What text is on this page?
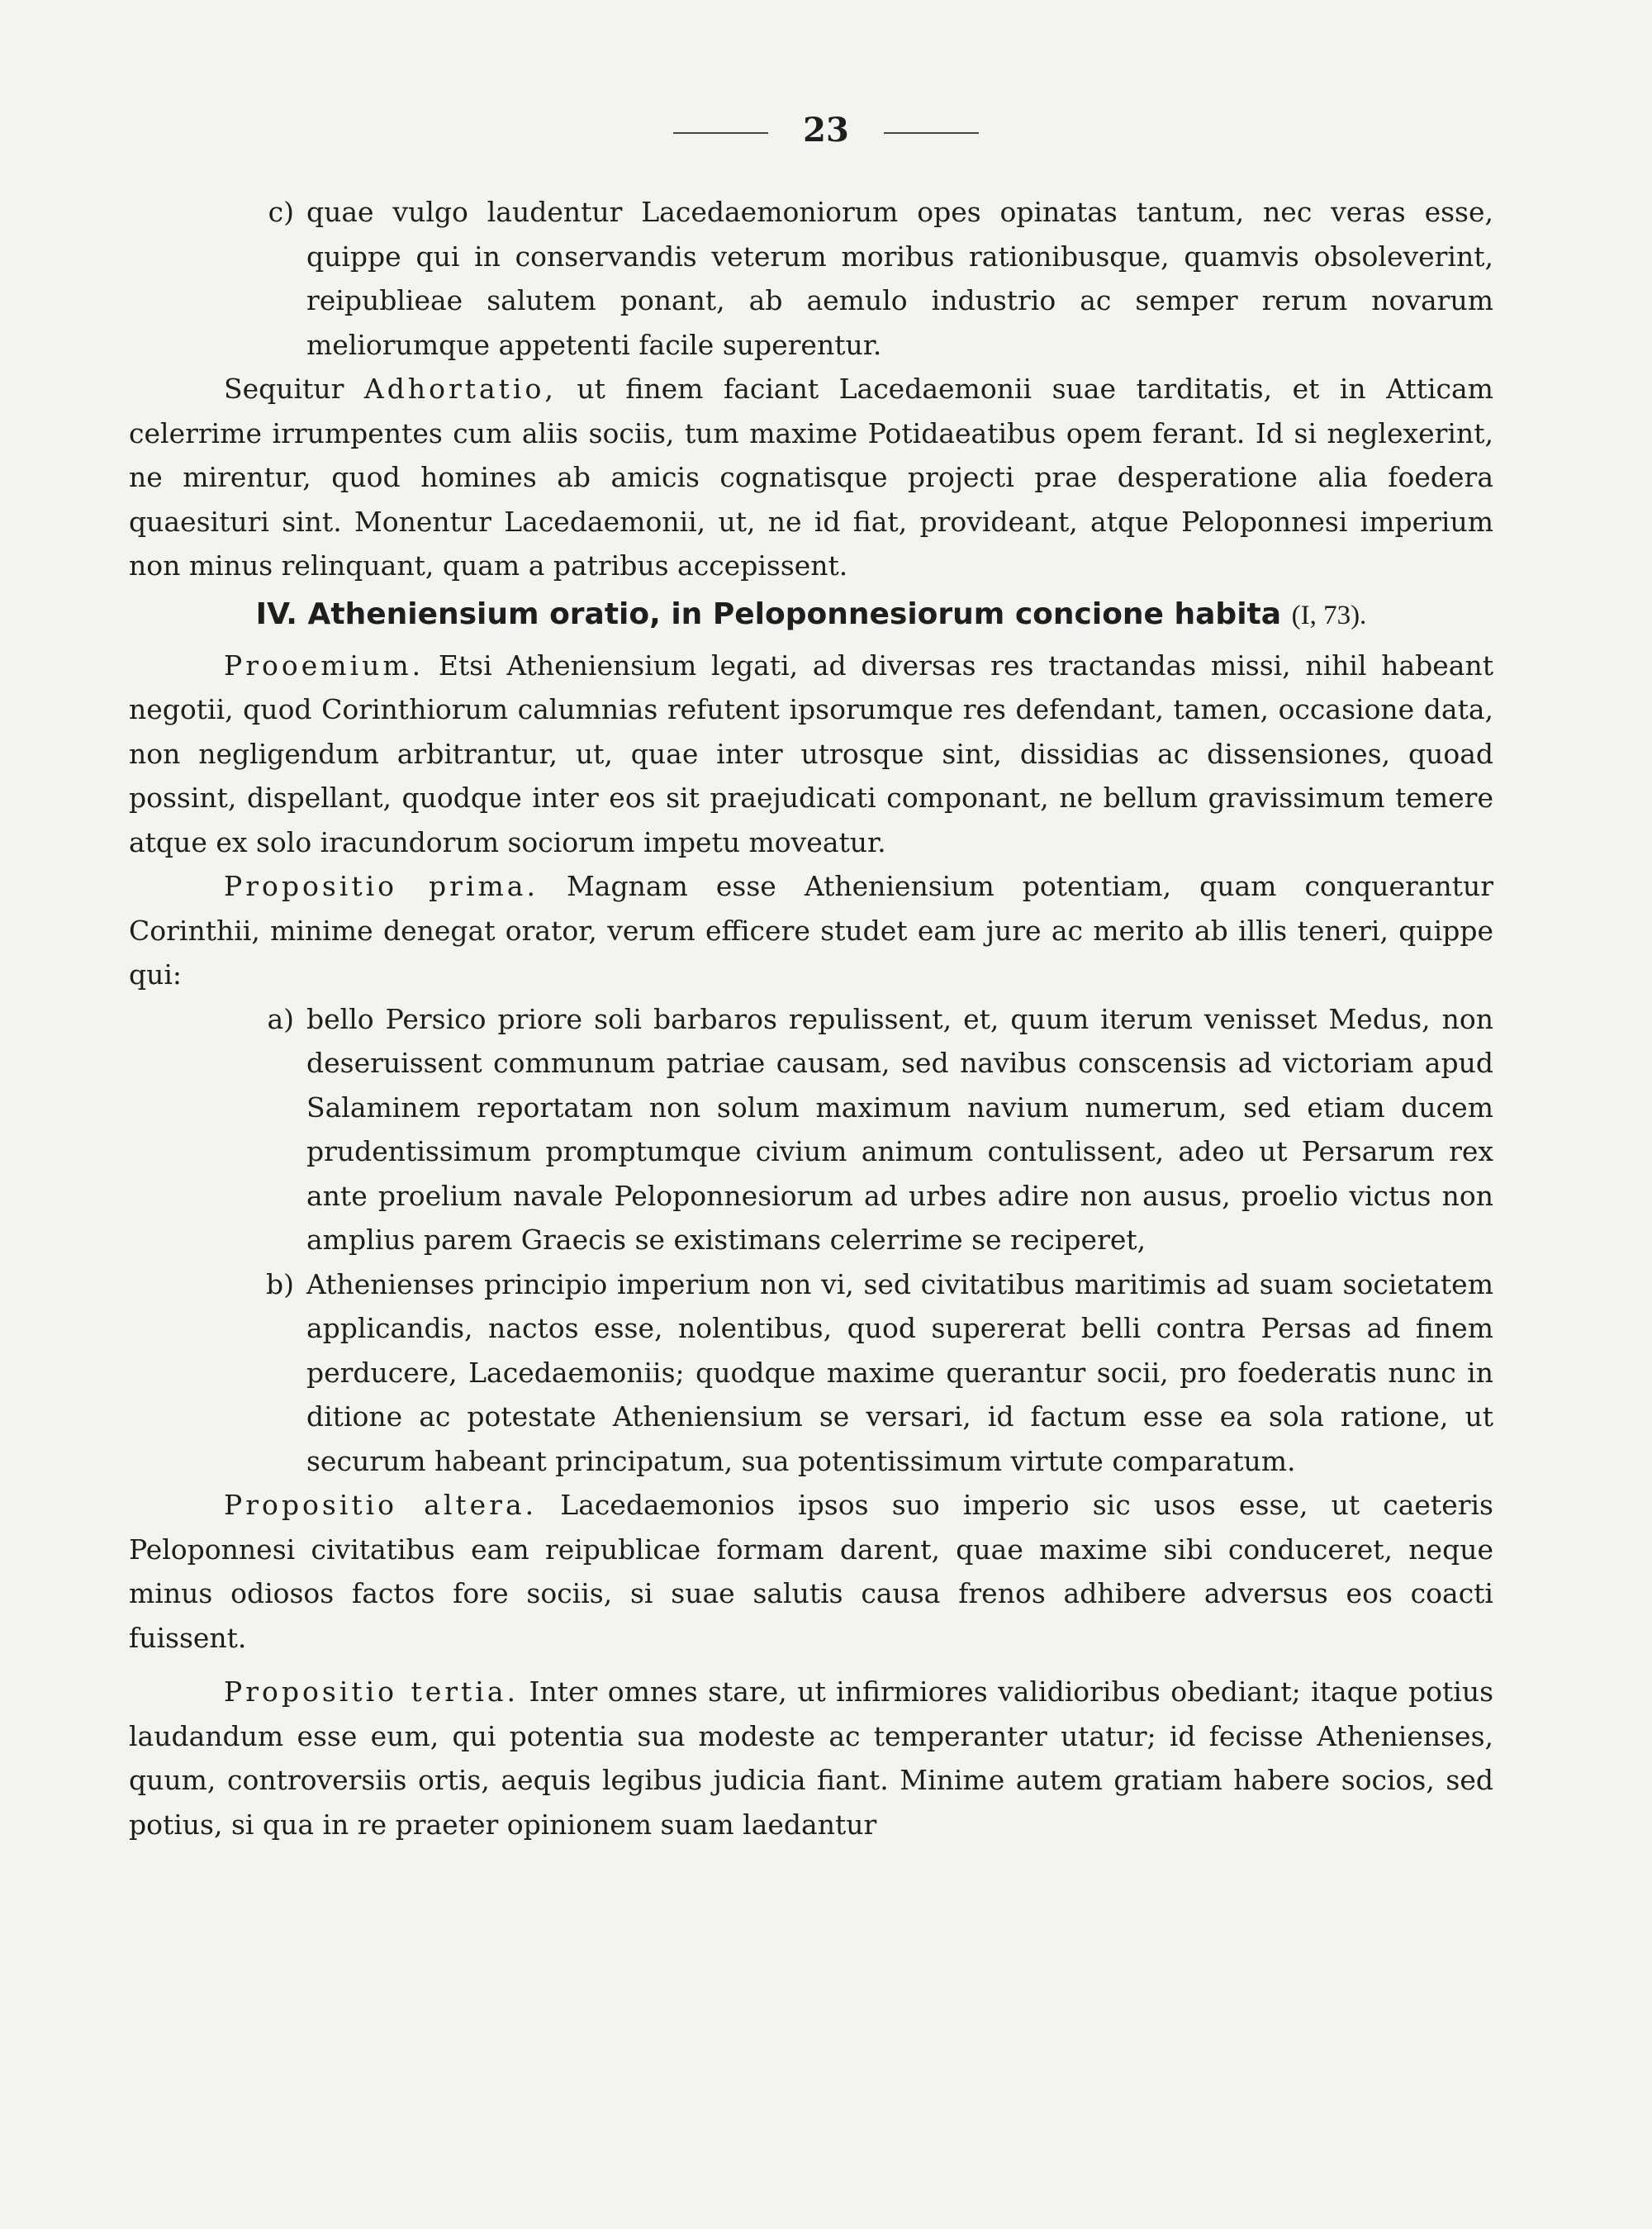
23
c) quae vulgo laudentur Lacedaemoniorum opes opinatas tantum, nec veras esse, quippe qui in conservandis veterum moribus rationibusque, quamvis obsoleverint, reipublieae salutem ponant, ab aemulo industrio ac semper rerum novarum meliorumque appetenti facile superentur.

Sequitur Adhortatio, ut finem faciant Lacedaemonii suae tarditatis, et in Atticam celerrime irrumpentes cum aliis sociis, tum maxime Potidaeatibus opem ferant. Id si neglexerint, ne mirentur, quod homines ab amicis cognatisque projecti prae desperatione alia foedera quaesituri sint. Monentur Lacedaemonii, ut, ne id fiat, provideant, atque Peloponnesi imperium non minus relinquant, quam a patribus accepissent.

IV. Atheniensium oratio, in Peloponnesiorum concione habita (I, 73).

Prooemium. Etsi Atheniensium legati, ad diversas res tractandas missi, nihil habeant negotii, quod Corinthiorum calumnias refutent ipsorumque res defendant, tamen, occasione data, non negligendum arbitrantur, ut, quae inter utrosque sint, dissidias ac dissensiones, quoad possint, dispellant, quodque inter eos sit praejudicati componant, ne bellum gravissimum temere atque ex solo iracundorum sociorum impetu moveatur.

Propositio prima. Magnam esse Atheniensium potentiam, quam conquerantur Corinthii, minime denegat orator, verum efficere studet eam jure ac merito ab illis teneri, quippe qui:

a) bello Persico priore soli barbaros repulissent, et, quum iterum venisset Medus, non deseruissent communum patriae causam, sed navibus conscensis ad victoriam apud Salaminem reportatam non solum maximum navium numerum, sed etiam ducem prudentissimum promptumque civium animum contulissent, adeo ut Persarum rex ante proelium navale Peloponnesiorum ad urbes adire non ausus, proelio victus non amplius parem Graecis se existimans celerrime se reciperet,
b) Athenienses principio imperium non vi, sed civitatibus maritimis ad suam societatem applicandis, nactos esse, nolentibus, quod supererat belli contra Persas ad finem perducere, Lacedaemoniis; quodque maxime querantur socii, pro foederatis nunc in ditione ac potestate Atheniensium se versari, id factum esse ea sola ratione, ut securum habeant principatum, sua potentissimum virtute comparatum.

Propositio altera. Lacedaemonios ipsos suo imperio sic usos esse, ut caeteris Peloponnesi civitatibus eam reipublicae formam darent, quae maxime sibi conduceret, neque minus odiosos factos fore sociis, si suae salutis causa frenos adhibere adversus eos coacti fuissent.

Propositio tertia. Inter omnes stare, ut infirmiores validioribus obediant; itaque potius laudandum esse eum, qui potentia sua modeste ac temperanter utatur; id fecisse Athenienses, quum, controversiis ortis, aequis legibus judicia fiant. Minime autem gratiam habere socios, sed potius, si qua in re praeter opinionem suam laedantur
